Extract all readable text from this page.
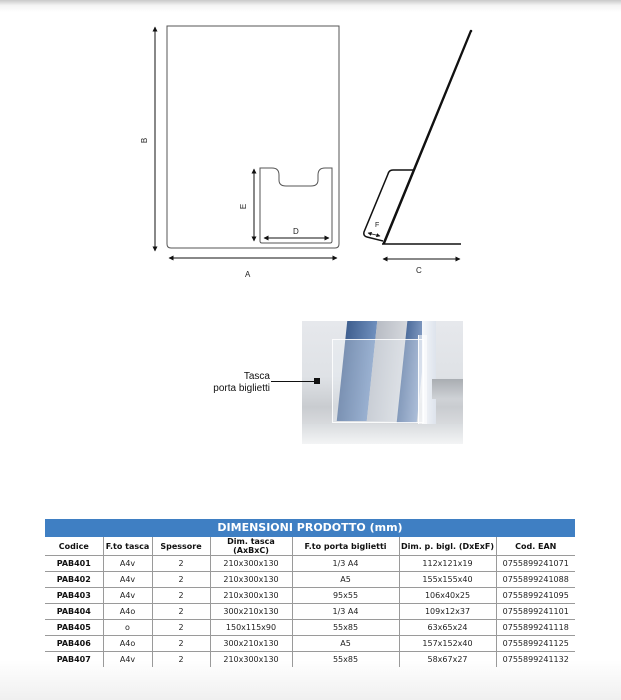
B
A
E
D
F
C
Tasca
porta biglietti
DIMENSIONI PRODOTTO (mm)
Codice	F.to tasca	Spessore	Dim. tasca (AxBxC)	F.to porta biglietti	Dim. p. bigl. (DxExF)	Cod. EAN
PAB401	A4v	2	210x300x130	1/3 A4	112x121x19	0755899241071
PAB402	A4v	2	210x300x130	A5	155x155x40	0755899241088
PAB403	A4v	2	210x300x130	95x55	106x40x25	0755899241095
PAB404	A4o	2	300x210x130	1/3 A4	109x12x37	0755899241101
PAB405	o	2	150x115x90	55x85	63x65x24	0755899241118
PAB406	A4o	2	300x210x130	A5	157x152x40	0755899241125
PAB407	A4v	2	210x300x130	55x85	58x67x27	0755899241132
